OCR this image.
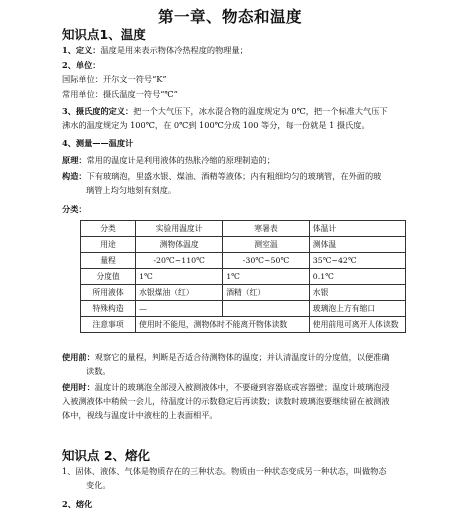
第一章、物态和温度
知识点1、温度
1、定义：温度是用来表示物体冷热程度的物理量；
2、单位：
国际单位：开尔文一符号“K”
常用单位：摄氏温度一符号“℃”
3、摄氏度的定义：把一个大气压下，冰水混合物的温度规定为 0℃，把一个标准大气压下
沸水的温度规定为 100℃，在 0℃到 100℃分成 100 等分，每一份就是 1 摄氏度。
4、测量——温度计
原理：常用的温度计是利用液体的热胀冷缩的原理制造的；
构造：下有玻璃泡，里盛水银、煤油、酒精等液体；内有粗细均匀的玻璃管，在外面的玻
璃管上均匀地刻有刻度。
分类：
分类	实验用温度计	寒暑表	体温计
用途	测物体温度	测室温	测体温
量程	-20℃~110℃	-30℃~50℃	35℃~42℃
分度值	1℃	1℃	0.1℃
所用液体	水银煤油（红）	酒精（红）	水银
特殊构造	—		玻璃泡上方有缩口
注意事项	使用时不能甩，测物体时不能离开物体读数		使用前甩可离开人体读数
使用前：观察它的量程，判断是否适合待测物体的温度；并认清温度计的分度值，以便准确
读数。
使用时：温度计的玻璃泡全部浸入被测液体中，不要碰到容器底或容器壁；温度计玻璃泡浸
入被测液体中稍候一会儿，待温度计的示数稳定后再读数；读数时玻璃泡要继续留在被测液
体中，视线与温度计中液柱的上表面相平。
知识点 2、熔化
1、固体、液体、气体是物质存在的三种状态。物质由一种状态变成另一种状态，叫做物态
变化。
2、熔化
